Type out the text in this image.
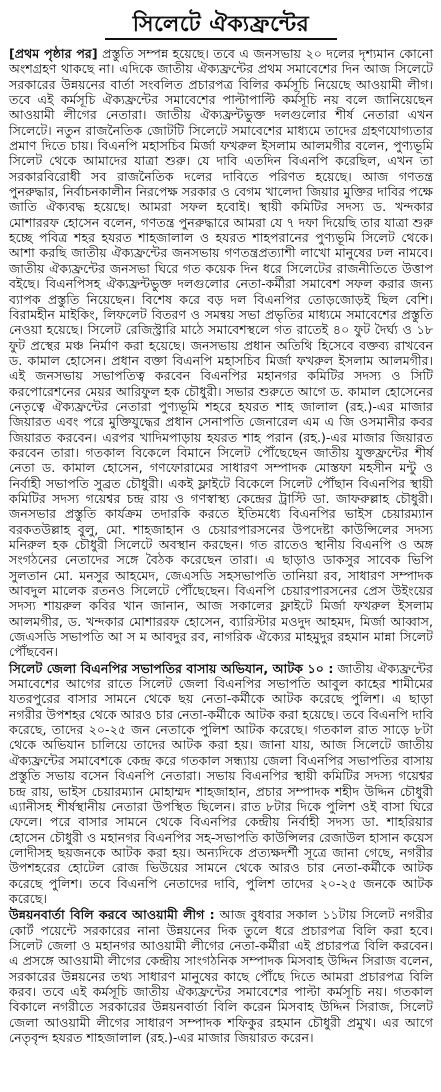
সিলেটে ঐক্যফ্রন্টের

[প্রথম পৃষ্ঠার পর] প্রস্তুতি সম্পন্ন হয়েছে। তবে এ জনসভায় ২০ দলের দৃশ্যমান কোনো অংশগ্রহণ থাকছে না। এদিকে জাতীয় ঐক্যফ্রন্টের প্রথম সমাবেশের দিন আজ সিলেটে সরকারের উন্নয়নের বার্তা সংবলিত প্রচারপত্র বিলির কর্মসূচি নিয়েছে আওয়ামী লীগ। তবে এই কর্মসূচি ঐক্যফ্রন্টের সমাবেশের পাল্টাপাল্টি কর্মসূচি নয় বলে জানিয়েছেন আওয়ামী লীগের নেতারা। জাতীয় ঐক্যফ্রন্টভুক্ত দলগুলোর শীর্ষ নেতারা এখন সিলেটে। নতুন রাজনৈতিক জোটটি সিলেটে সমাবেশের মাধ্যমে তাদের গ্রহণযোগ্যতার প্রমাণ দিতে চায়। বিএনপি মহাসচিব মির্জা ফখরুল ইসলাম আলমগীর বলেন, পুণ্যভূমি সিলেট থেকে আমাদের যাত্রা শুরু। যে দাবি এতদিন বিএনপি করেছিল, এখন তা সরকারবিরোধী সব রাজনৈতিক দলের দাবিতে পরিণত হয়েছে। আজ গণতন্ত্র পুনরুদ্ধার, নির্বাচনকালীন নিরপেক্ষ সরকার ও বেগম খালেদা জিয়ার মুক্তির দাবির পক্ষে জাতি ঐক্যবদ্ধ হয়েছে। আমরা সফল হবোই। স্থায়ী কমিটির সদস্য ড. খন্দকার মোশাররফ হোসেন বলেন, গণতন্ত্র পুনরুদ্ধারে আমরা যে ৭ দফা দিয়েছি তার যাত্রা শুরু হচ্ছে পবিত্র শহর হযরত শাহজালাল ও হযরত শাহপরানের পুণ্যভূমি সিলেট থেকে। আশা করছি জাতীয় ঐক্যফ্রন্টের জনসভায় গণতন্ত্রপ্রত্যাশী লাখো মানুষের ঢল নামবে। জাতীয় ঐক্যফ্রন্টের জনসভা ঘিরে গত কয়েক দিন ধরে সিলেটের রাজনীতিতে উত্তাপ বইছে। বিএনপিসহ ঐক্যফ্রন্টভুক্ত দলগুলোর নেতা-কর্মীরা সমাবেশ সফল করার জন্য ব্যাপক প্রস্তুতি নিয়েছেন। বিশেষ করে বড় দল বিএনপির তোড়জোড়ই ছিল বেশি। বিরামহীন মাইকিং, লিফলেট বিতরণ ও সমন্বয় সভা প্রভৃতির মাধ্যমে সমাবেশের প্রস্তুতি নেওয়া হয়েছে। সিলেট রেজিস্ট্রারি মাঠে সমাবেশস্থলে গত রাতেই ৪০ ফুট দৈর্ঘ্য ও ১৮ ফুট প্রস্থের মঞ্চ নির্মাণ করা হয়েছে। জনসভায় প্রধান অতিথি হিসেবে বক্তব্য রাখবেন ড. কামাল হোসেন। প্রধান বক্তা বিএনপি মহাসচিব মির্জা ফখরুল ইসলাম আলমগীর। এই জনসভায় সভাপতিত্ব করবেন বিএনপির মহানগর কমিটির সদস্য ও সিটি করপোরেশনের মেয়র আরিফুল হক চৌধুরী। সভার শুরুতে আগে ড. কামাল হোসেনের নেতৃত্বে ঐক্যফ্রন্টের নেতারা পুণ্যভূমি শহরে হযরত শাহ জালাল (রহ.)-এর মাজার জিয়ারত এবং পরে মুক্তিযুদ্ধের প্রধান সেনাপতি জেনারেল এম এ জি ওসমানীর কবর জিয়ারত করবেন। এরপর খাদিমপাড়ায় হযরত শাহ পরান (রহ.)-এর মাজার জিয়ারত করবেন তারা। গতকাল বিকেলে বিমানে সিলেট পৌঁছেছেন জাতীয় যুক্তফ্রন্টের শীর্ষ নেতা ড. কামাল হোসেন, গণফোরামের সাধারণ সম্পাদক মোস্তফা মহসীন মন্টু ও নির্বাহী সভাপতি সুব্রত চৌধুরী। একই ফ্লাইটে বিকেলে সিলেট পৌঁছান বিএনপির স্থায়ী কমিটির সদস্য গয়েশ্বর চন্দ্র রায় ও গণস্বাস্থ্য কেন্দ্রের ট্রাস্টি ডা. জাফরুল্লাহ চৌধুরী। জনসভার প্রস্তুতি কার্যক্রম তদারকি করতে ইতিমধ্যে বিএনপির ভাইস চেয়ারম্যান বরকতউল্লাহ বুলু, মো. শাহজাহান ও চেয়ারপারসনের উপদেষ্টা কাউন্সিলের সদস্য মনিরুল হক চৌধুরী সিলেটে অবস্থান করছেন। গত রাতেও স্থানীয় বিএনপি ও অঙ্গ সংগঠনের নেতাদের সঙ্গে বৈঠক করেছেন তারা। এ ছাড়াও ডাকসুর সাবেক ভিপি সুলতান মো. মনসুর আহমেদ, জেএসডি সহসভাপতি তানিয়া রব, সাধারণ সম্পাদক আবদুল মালেক রতনও সিলেটে পৌঁছেছেন। বিএনপি চেয়ারপারসনের প্রেস উইংয়ের সদস্য শায়রুল কবির খান জানান, আজ সকালের ফ্লাইটে মির্জা ফখরুল ইসলাম আলমগীর, ড. খন্দকার মোশাররফ হোসেন, ব্যারিস্টার মওদুদ আহমদ, মির্জা আব্বাস, জেএসডি সভাপতি আ স ম আবদুর রব, নাগরিক ঐক্যের মাহমুদুর রহমান মান্না সিলেট পৌঁছবেন।

সিলেট জেলা বিএনপির সভাপতির বাসায় অভিযান, আটক ১০ : জাতীয় ঐক্যফ্রন্টের সমাবেশের আগের রাতে সিলেট জেলা বিএনপির সভাপতি আবুল কাহের শামীমের যতরপুরের বাসার সামনে থেকে ছয় নেতা-কর্মীকে আটক করেছে পুলিশ। এ ছাড়া নগরীর উপশহর থেকে আরও চার নেতা-কর্মীকে আটক করা হয়েছে। তবে বিএনপি দাবি করেছে, তাদের ২০-২৫ জন নেতাকে পুলিশ আটক করেছে। গতকাল রাত সাড়ে ৮টা থেকে অভিযান চালিয়ে তাদের আটক করা হয়। জানা যায়, আজ সিলেটে জাতীয় ঐক্যফ্রন্টের সমাবেশকে কেন্দ্র করে গতকাল সন্ধ্যায় জেলা বিএনপির সভাপতির বাসায় প্রস্তুতি সভায় বসেন বিএনপি নেতারা। সভায় বিএনপির স্থায়ী কমিটির সদস্য গয়েশ্বর চন্দ্র রায়, ভাইস চেয়ারম্যান মোহাম্মদ শাহজাহান, প্রচার সম্পাদক শহীদ উদ্দিন চৌধুরী এ্যানীসহ শীর্ষস্থানীয় নেতারা উপস্থিত ছিলেন। রাত ৮টার দিকে পুলিশ ওই বাসা ঘিরে ফেলে। পরে বাসার সামনে থেকে বিএনপির কেন্দ্রীয় নির্বাহী সদস্য ডা. শাহরিয়ার হোসেন চৌধুরী ও মহানগর বিএনপির সহ-সভাপতি কাউন্সিলর রেজাউল হাসান কয়েস লোদীসহ ছয়জনকে আটক করা হয়। অন্যদিকে প্রত্যক্ষদর্শী সূত্রে জানা গেছে, নগরীর উপশহরের হোটেল রোজ ভিউয়ের সামনে থেকে আরও চার নেতা-কর্মীকে আটক করেছে পুলিশ। তবে বিএনপি নেতাদের দাবি, পুলিশ তাদের ২০-২৫ জনকে আটক করেছে।

উন্নয়নবার্তা বিলি করবে আওয়ামী লীগ : আজ বুধবার সকাল ১১টায় সিলেট নগরীর কোর্ট পয়েন্টে সরকারের নানা উন্নয়নের দিক তুলে ধরে প্রচারপত্র বিলি করা হবে। সিলেট জেলা ও মহানগর আওয়ামী লীগের নেতা-কর্মীরা এই প্রচারপত্র বিলি করবেন। এ প্রসঙ্গে আওয়ামী লীগের কেন্দ্রীয় সাংগঠনিক সম্পাদক মিসবাহ উদ্দিন সিরাজ বলেন, সরকারের উন্নয়নের তথ্য সাধারণ মানুষের কাছে পৌঁছে দিতে আমরা প্রচারপত্র বিলি করব। তবে এই কর্মসূচি জাতীয় ঐক্যফ্রন্টের সমাবেশের পাল্টা কর্মসূচি নয়। গতকাল বিকালে নগরীতে সরকারের উন্নয়নবার্তা বিলি করেন মিসবাহ উদ্দিন সিরাজ, সিলেট জেলা আওয়ামী লীগের সাধারণ সম্পাদক শফিকুর রহমান চৌধুরী প্রমুখ। এর আগে নেতৃবৃন্দ হযরত শাহজালাল (রহ.)-এর মাজার জিয়ারত করেন।
